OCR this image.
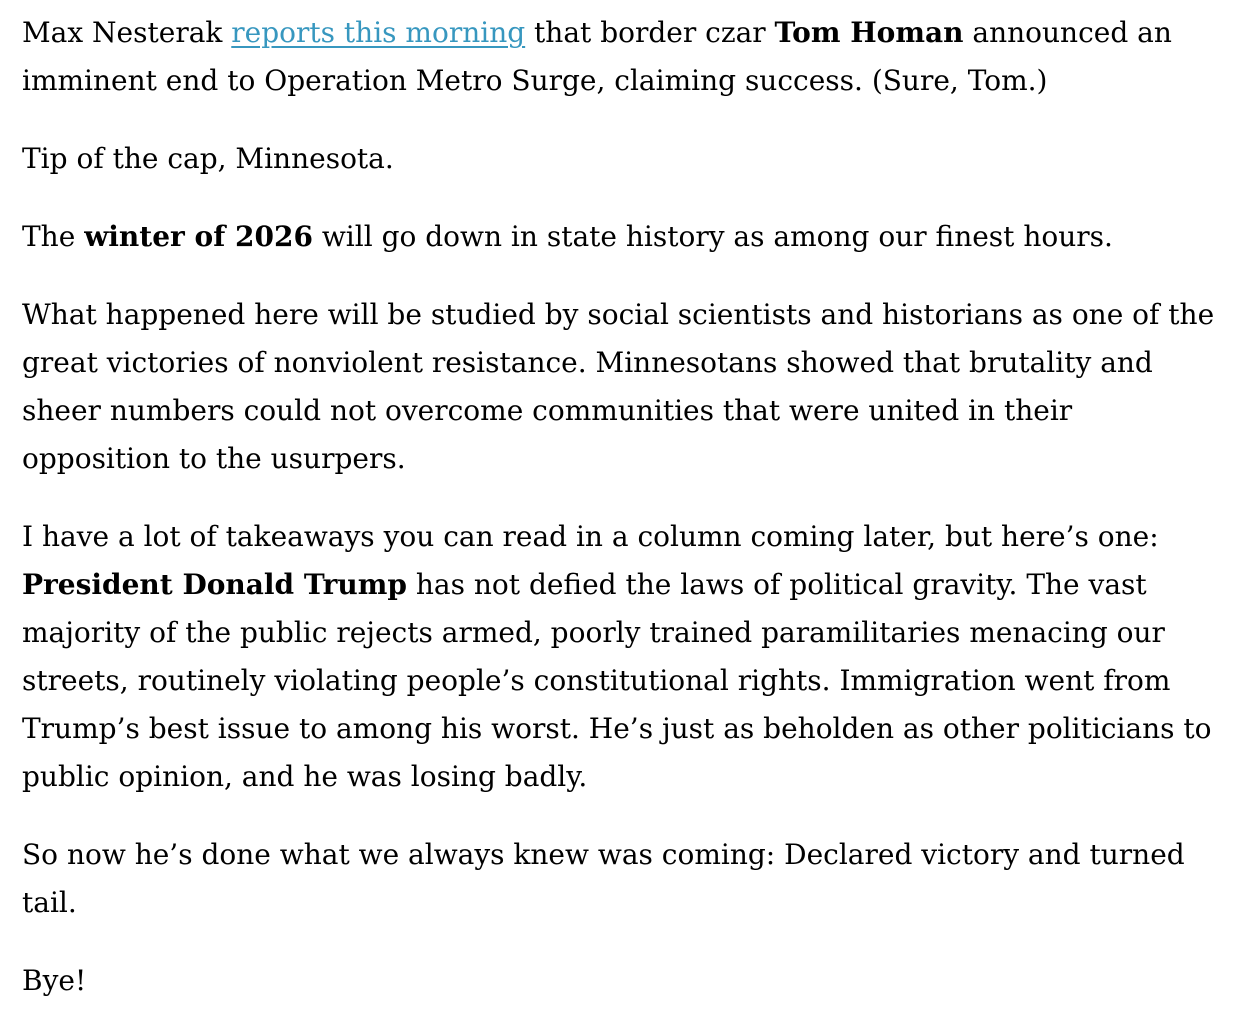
Max Nesterak reports this morning that border czar Tom Homan announced an imminent end to Operation Metro Surge, claiming success. (Sure, Tom.)

Tip of the cap, Minnesota.

The winter of 2026 will go down in state history as among our finest hours.

What happened here will be studied by social scientists and historians as one of the great victories of nonviolent resistance. Minnesotans showed that brutality and sheer numbers could not overcome communities that were united in their opposition to the usurpers.

I have a lot of takeaways you can read in a column coming later, but here’s one: President Donald Trump has not defied the laws of political gravity. The vast majority of the public rejects armed, poorly trained paramilitaries menacing our streets, routinely violating people’s constitutional rights. Immigration went from Trump’s best issue to among his worst. He’s just as beholden as other politicians to public opinion, and he was losing badly.

So now he’s done what we always knew was coming: Declared victory and turned tail.

Bye!
